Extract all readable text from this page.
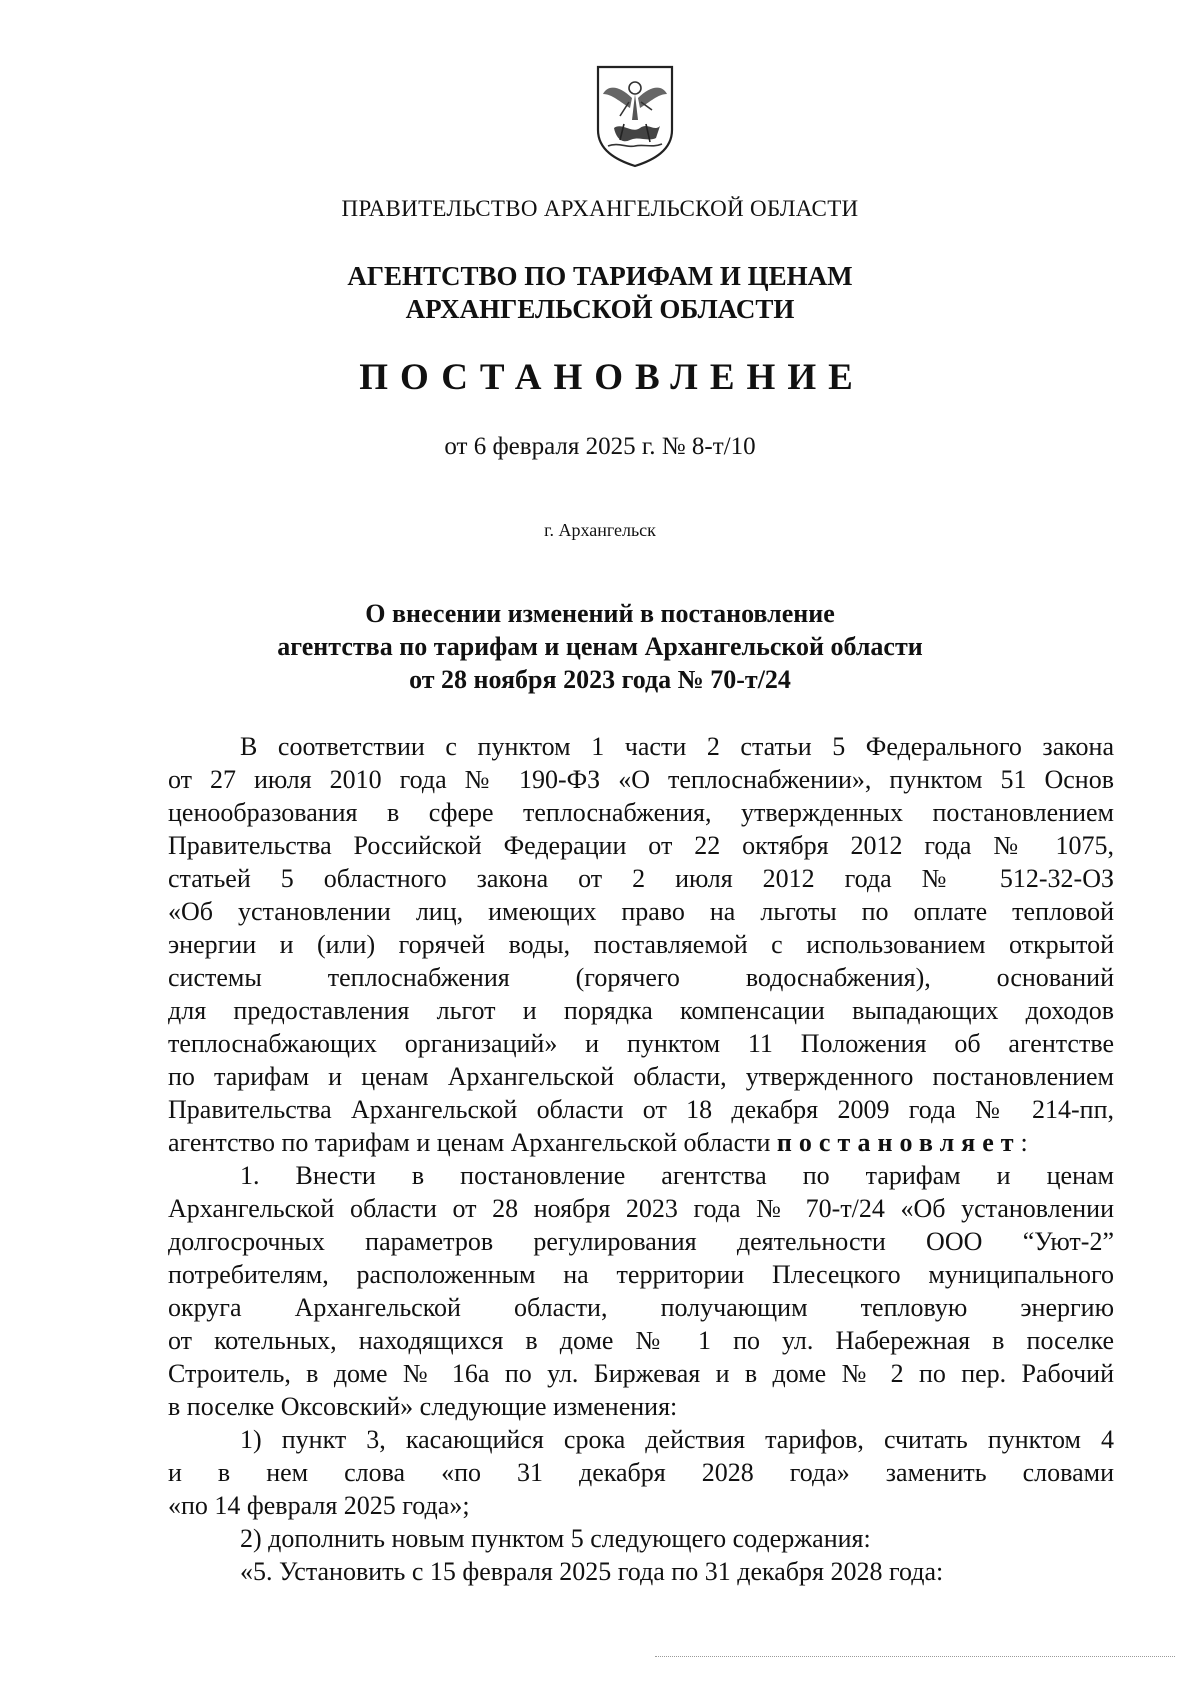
ПРАВИТЕЛЬСТВО АРХАНГЕЛЬСКОЙ ОБЛАСТИ
АГЕНТСТВО ПО ТАРИФАМ И ЦЕНАМ
АРХАНГЕЛЬСКОЙ ОБЛАСТИ
ПОСТАНОВЛЕНИЕ
от 6 февраля 2025 г. № 8-т/10
г. Архангельск
О внесении изменений в постановление
агентства по тарифам и ценам Архангельской области
от 28 ноября 2023 года № 70-т/24
В соответствии с пунктом 1 части 2 статьи 5 Федерального закона
от 27 июля 2010 года № 190-ФЗ «О теплоснабжении», пунктом 51 Основ
ценообразования в сфере теплоснабжения, утвержденных постановлением
Правительства Российской Федерации от 22 октября 2012 года № 1075,
статьей 5 областного закона от 2 июля 2012 года № 512-32-ОЗ
«Об установлении лиц, имеющих право на льготы по оплате тепловой
энергии и (или) горячей воды, поставляемой с использованием открытой
системы теплоснабжения (горячего водоснабжения), оснований
для предоставления льгот и порядка компенсации выпадающих доходов
теплоснабжающих организаций» и пунктом 11 Положения об агентстве
по тарифам и ценам Архангельской области, утвержденного постановлением
Правительства Архангельской области от 18 декабря 2009 года № 214-пп,
агентство по тарифам и ценам Архангельской области постановляет:
1. Внести в постановление агентства по тарифам и ценам
Архангельской области от 28 ноября 2023 года № 70-т/24 «Об установлении
долгосрочных параметров регулирования деятельности ООО “Уют-2”
потребителям, расположенным на территории Плесецкого муниципального
округа Архангельской области, получающим тепловую энергию
от котельных, находящихся в доме № 1 по ул. Набережная в поселке
Строитель, в доме № 16а по ул. Биржевая и в доме № 2 по пер. Рабочий
в поселке Оксовский» следующие изменения:
1) пункт 3, касающийся срока действия тарифов, считать пунктом 4
и в нем слова «по 31 декабря 2028 года» заменить словами
«по 14 февраля 2025 года»;
2) дополнить новым пунктом 5 следующего содержания:
«5. Установить с 15 февраля 2025 года по 31 декабря 2028 года:
